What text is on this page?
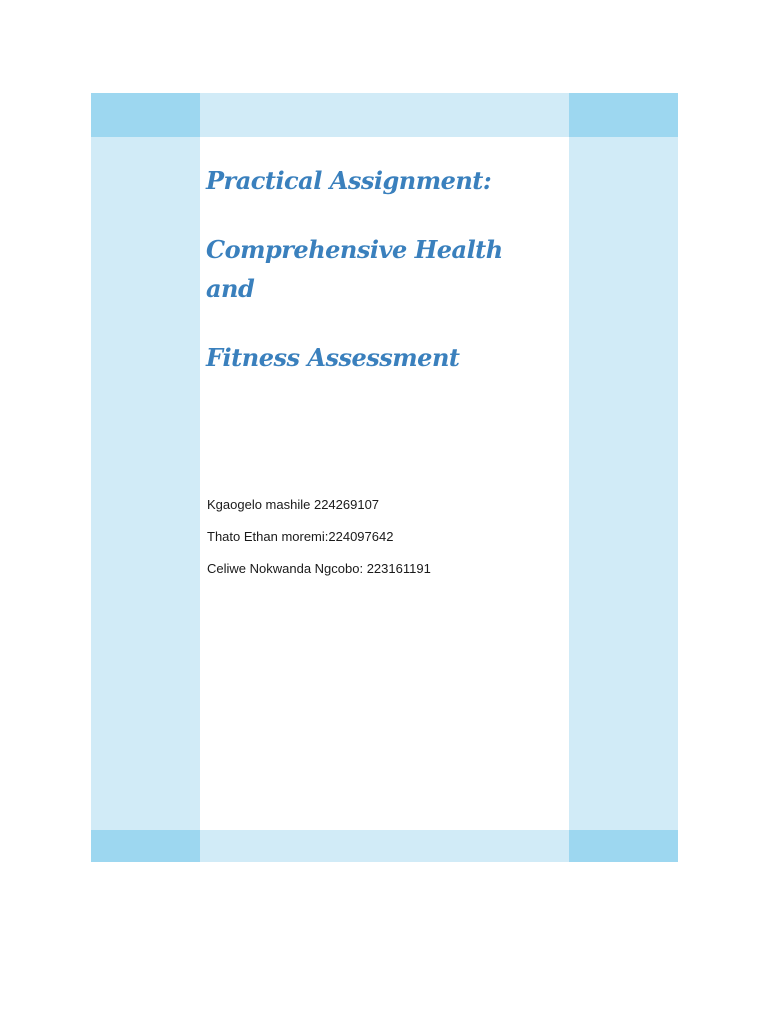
Practical Assignment:

Comprehensive Health

and

Fitness Assessment

Kgaogelo mashile 224269107

Thato Ethan moremi:224097642

Celiwe Nokwanda Ngcobo: 223161191
